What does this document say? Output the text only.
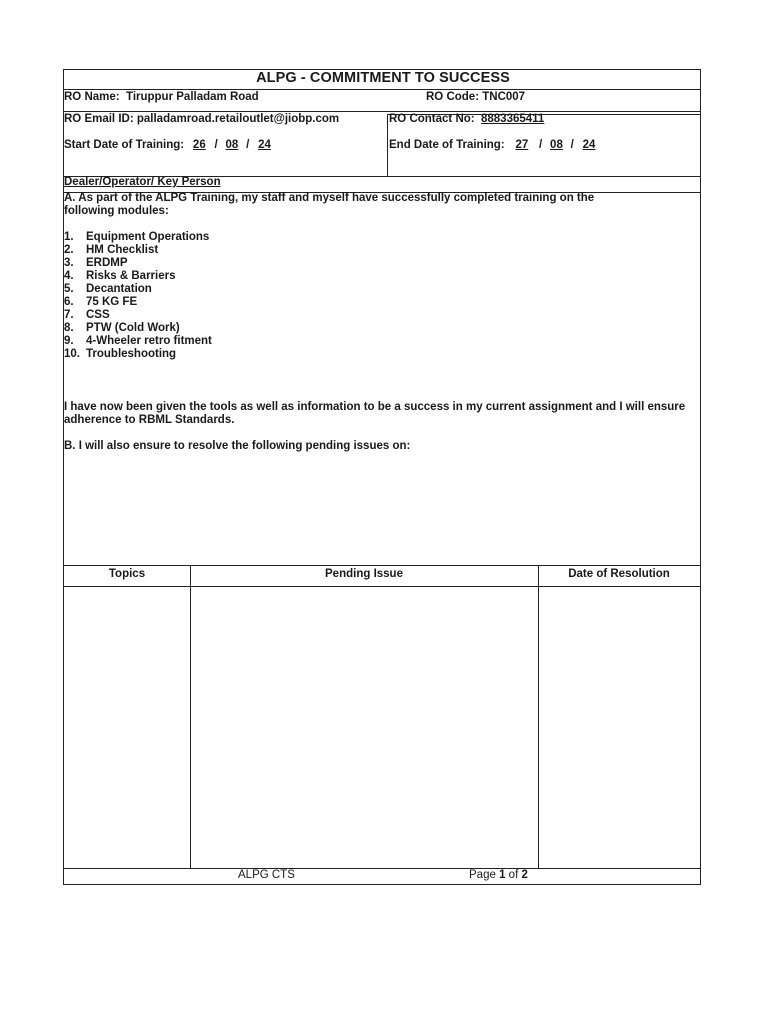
ALPG - COMMITMENT TO SUCCESS
RO Name: Tiruppur Palladam Road	RO Code: TNC007
RO Email ID: palladamroad.retailoutlet@jiobp.com	RO Contact No: 8883365411
Start Date of Training: 26 / 08 / 24	End Date of Training: 27 / 08 / 24
Dealer/Operator/ Key Person
A. As part of the ALPG Training, my staff and myself have successfully completed training on the
following modules:
1. Equipment Operations
2. HM Checklist
3. ERDMP
4. Risks & Barriers
5. Decantation
6. 75 KG FE
7. CSS
8. PTW (Cold Work)
9. 4-Wheeler retro fitment
10. Troubleshooting
I have now been given the tools as well as information to be a success in my current assignment and I will ensure
adherence to RBML Standards.
B. I will also ensure to resolve the following pending issues on:
Topics	Pending Issue	Date of Resolution
ALPG CTS	Page 1 of 2
